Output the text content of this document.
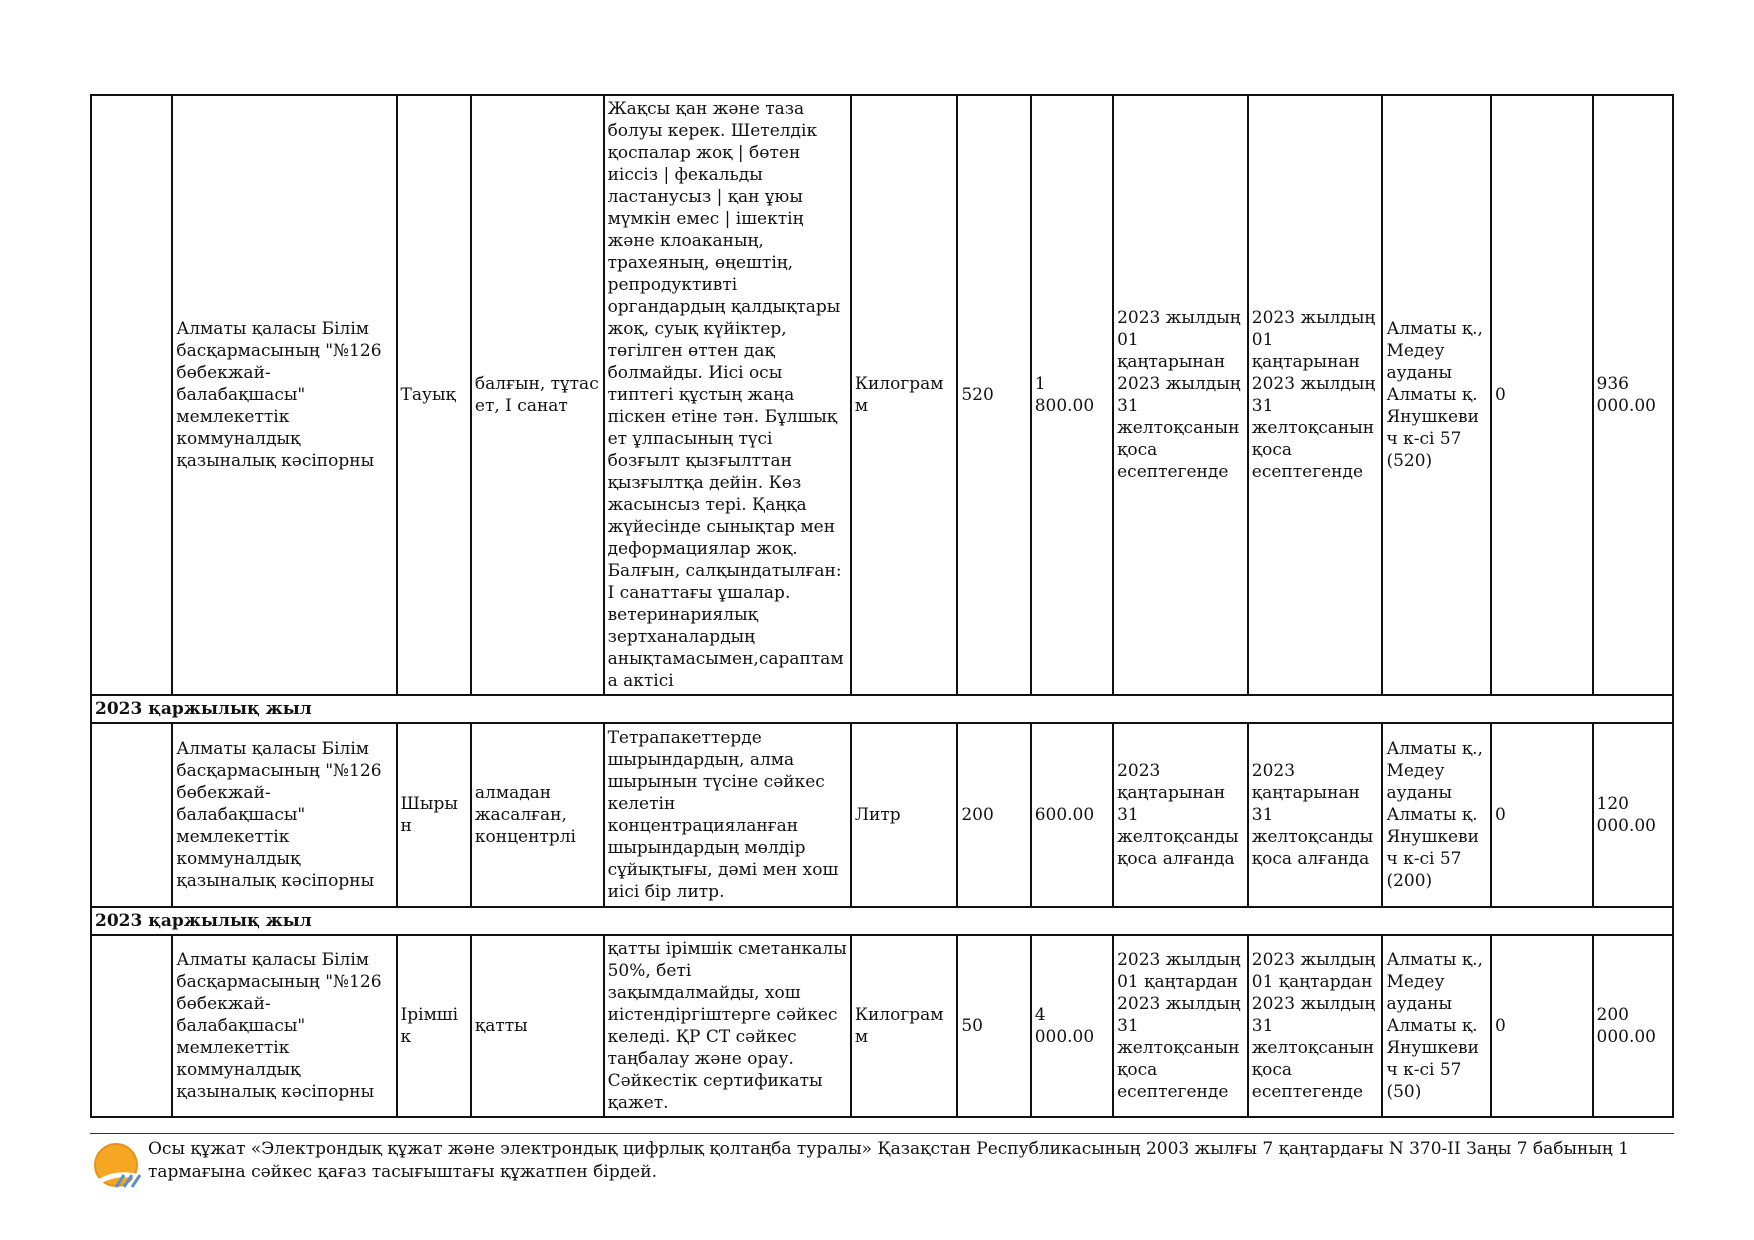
	Алматы қаласы Білім басқармасының "№126 бөбекжай-балабақшасы" мемлекеттік коммуналдық қазыналық кәсіпорны	Тауық	балғын, тұтас ет, I санат	Жақсы қан және таза болуы керек. Шетелдік қоспалар жоқ | бөтен иіссіз | фекальды ластанусыз | қан ұюы мүмкін емес | ішектің және клоаканың, трахеяның, өңештің, репродуктивті органдардың қалдықтары жоқ, суық күйіктер, төгілген өттен дақ болмайды. Иісі осы типтегі құстың жаңа піскен етіне тән. Бұлшық ет ұлпасының түсі бозғылт қызғылттан қызғылтқа дейін. Көз жасынсыз тері. Қаңқа жүйесінде сынықтар мен деформациялар жоқ. Балғын, салқындатылған: I санаттағы ұшалар. ветеринариялық зертханалардың анықтамасымен,сараптама актісі	Килограмм	520	1 800.00	2023 жылдың 01 қаңтарынан 2023 жылдың 31 желтоқсанын қоса есептегенде	2023 жылдың 01 қаңтарынан 2023 жылдың 31 желтоқсанын қоса есептегенде	Алматы қ., Медеу ауданы Алматы қ. Янушкевич к-сі 57 (520)	0	936 000.00
2023 қаржылық жыл												
	Алматы қаласы Білім басқармасының "№126 бөбекжай-балабақшасы" мемлекеттік коммуналдық қазыналық кәсіпорны	Шырын	алмадан жасалған, концентрлі	Тетрапакеттерде шырындардың, алма шырынын түсіне сәйкес келетін концентрацияланған шырындардың мөлдір сұйықтығы, дәмі мен хош иісі бір литр.	Литр	200	600.00	2023 қаңтарынан 31 желтоқсанды қоса алғанда	2023 қаңтарынан 31 желтоқсанды қоса алғанда	Алматы қ., Медеу ауданы Алматы қ. Янушкевич к-сі 57 (200)	0	120 000.00
2023 қаржылық жыл												
	Алматы қаласы Білім басқармасының "№126 бөбекжай-балабақшасы" мемлекеттік коммуналдық қазыналық кәсіпорны	Ірімшік	қатты	қатты ірімшік сметанкалы 50%, беті зақымдалмайды, хош иістендіргіштерге сәйкес келеді. ҚР СТ сәйкес таңбалау және орау. Сәйкестік сертификаты қажет.	Килограмм	50	4 000.00	2023 жылдың 01 қаңтардан 2023 жылдың 31 желтоқсанын қоса есептегенде	2023 жылдың 01 қаңтардан 2023 жылдың 31 желтоқсанын қоса есептегенде	Алматы қ., Медеу ауданы Алматы қ. Янушкевич к-сі 57 (50)	0	200 000.00
Осы құжат «Электрондық құжат және электрондық цифрлық қолтаңба туралы» Қазақстан Республикасының 2003 жылғы 7 қаңтардағы N 370-II Заңы 7 бабының 1 тармағына сәйкес қағаз тасығыштағы құжатпен бірдей.
